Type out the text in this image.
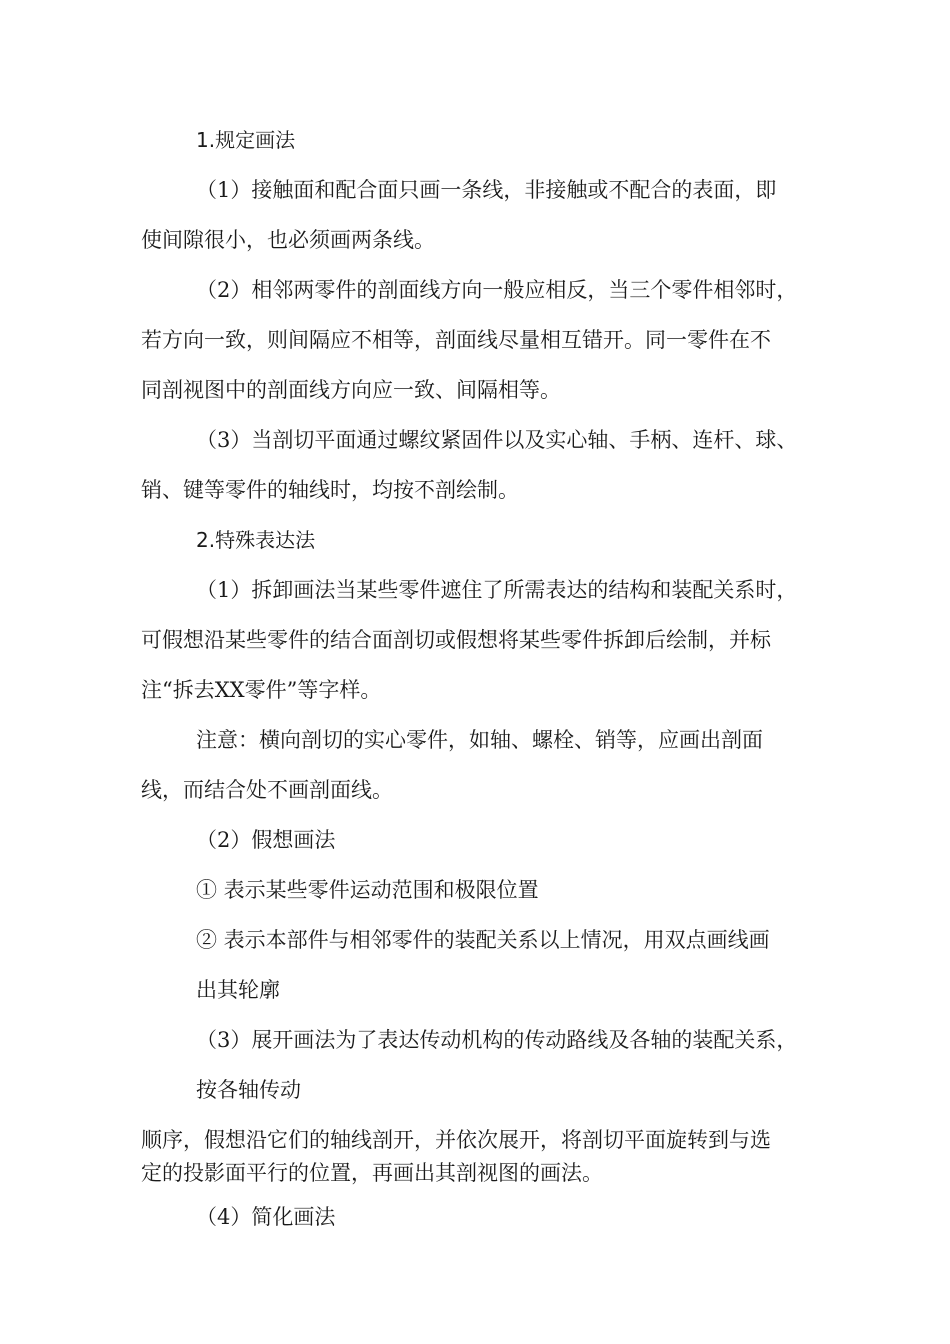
1.规定画法

（1）接触面和配合面只画一条线，非接触或不配合的表面，即

使间隙很小，也必须画两条线。

（2）相邻两零件的剖面线方向一般应相反，当三个零件相邻时，

若方向一致，则间隔应不相等，剖面线尽量相互错开。同一零件在不

同剖视图中的剖面线方向应一致、间隔相等。

（3）当剖切平面通过螺纹紧固件以及实心轴、手柄、连杆、球、

销、键等零件的轴线时，均按不剖绘制。

2.特殊表达法

（1）拆卸画法当某些零件遮住了所需表达的结构和装配关系时，

可假想沿某些零件的结合面剖切或假想将某些零件拆卸后绘制，并标

注“拆去XX零件”等字样。

注意：横向剖切的实心零件，如轴、螺栓、销等，应画出剖面

线，而结合处不画剖面线。

（2）假想画法

① 表示某些零件运动范围和极限位置

② 表示本部件与相邻零件的装配关系以上情况，用双点画线画

出其轮廓

（3）展开画法为了表达传动机构的传动路线及各轴的装配关系，

按各轴传动

顺序，假想沿它们的轴线剖开，并依次展开，将剖切平面旋转到与选

定的投影面平行的位置，再画出其剖视图的画法。

（4）简化画法
